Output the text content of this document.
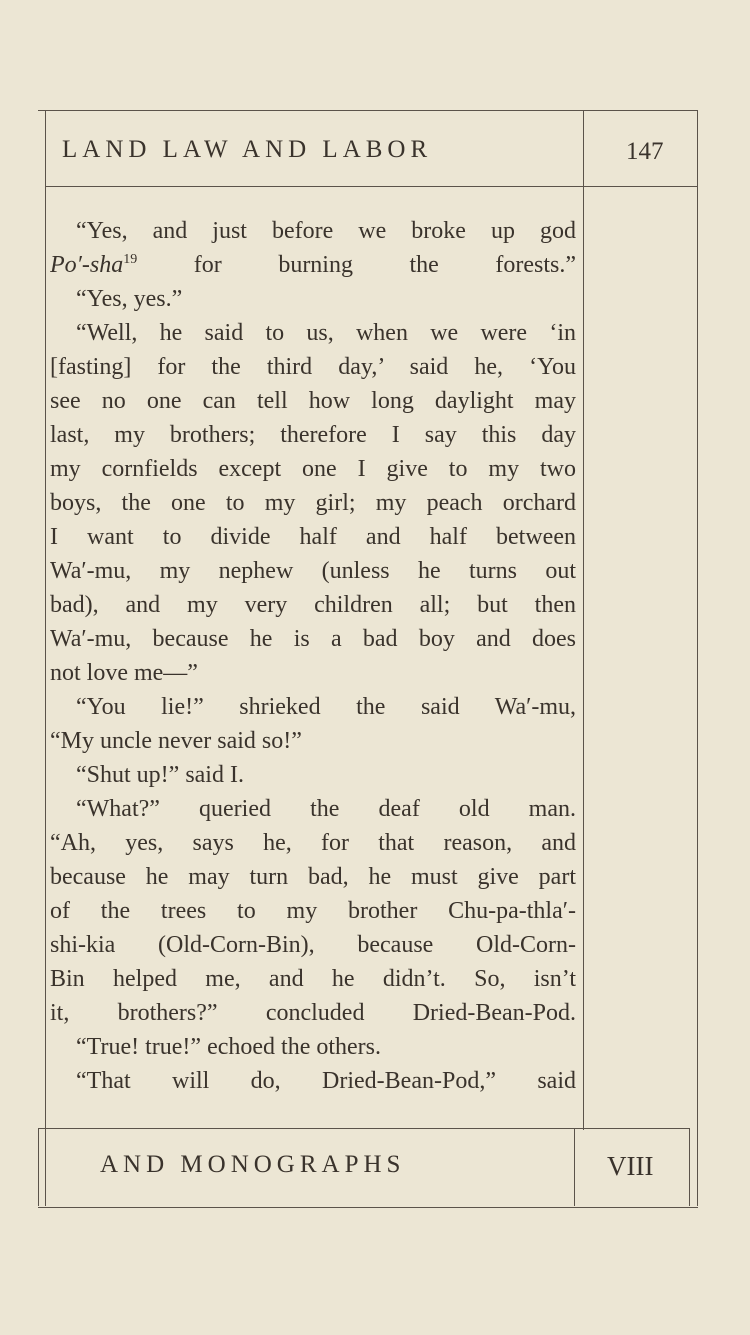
LAND LAW AND LABOR	147
“Yes, and just before we broke up god
Po′-sha$^{19}$ for burning the forests.”
“Yes, yes.”
“Well, he said to us, when we were ‘in
[fasting] for the third day,’ said he, ‘You
see no one can tell how long daylight may
last, my brothers; therefore I say this day
my cornfields except one I give to my two
boys, the one to my girl; my peach orchard
I want to divide half and half between
Wa′-mu, my nephew (unless he turns out
bad), and my very children all; but then
Wa′-mu, because he is a bad boy and does
not love me—”
“You lie!” shrieked the said Wa′-mu,
“My uncle never said so!”
“Shut up!” said I.
“What?” queried the deaf old man.
“Ah, yes, says he, for that reason, and
because he may turn bad, he must give part
of the trees to my brother Chu-pa-thla′-
shi-kia (Old-Corn-Bin), because Old-Corn-
Bin helped me, and he didn’t. So, isn’t
it, brothers?” concluded Dried-Bean-Pod.
“True! true!” echoed the others.
“That will do, Dried-Bean-Pod,” said
AND MONOGRAPHS	VIII
